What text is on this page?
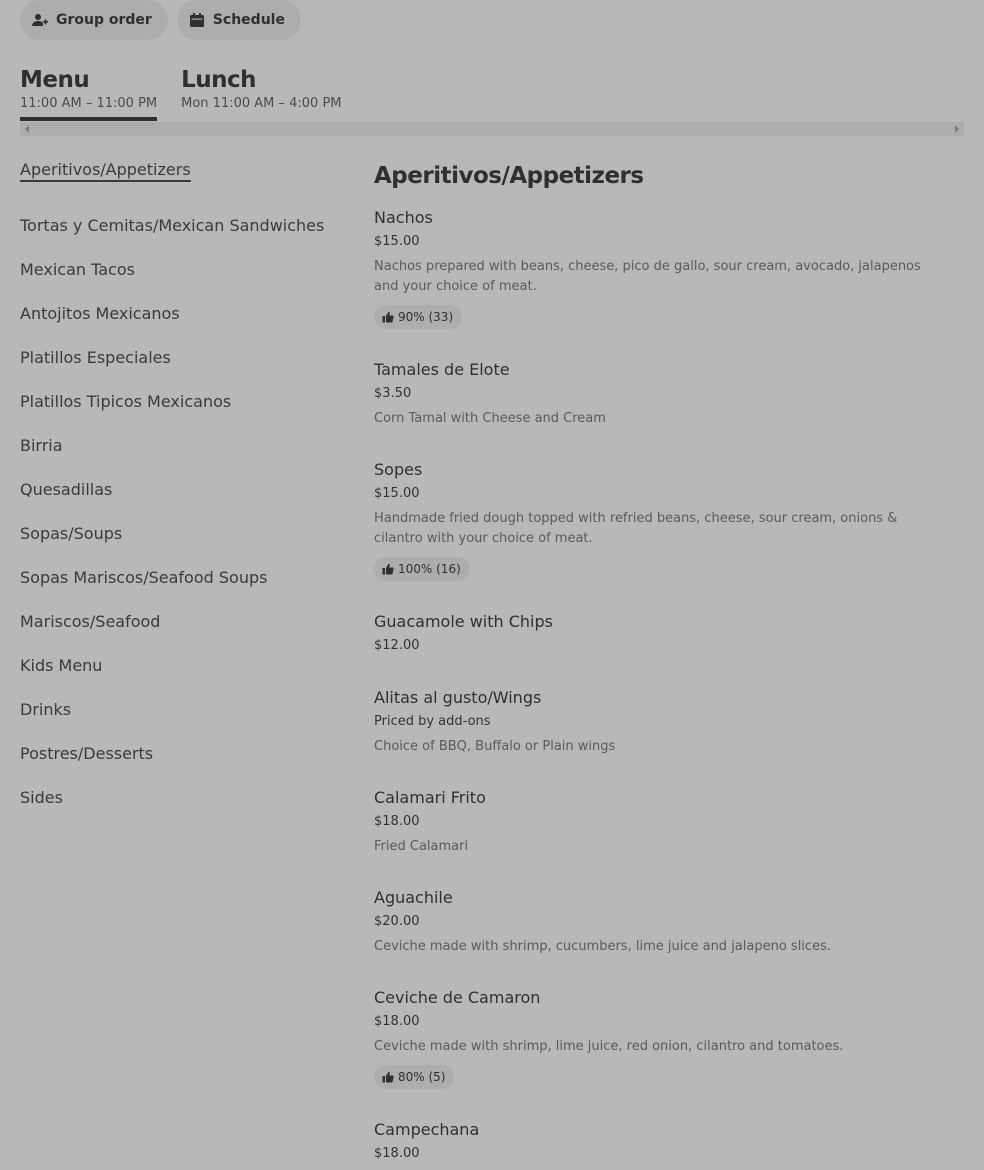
Group order	Schedule
Menu
11:00 AM – 11:00 PM
Lunch
Mon 11:00 AM – 4:00 PM
Aperitivos/Appetizers
Tortas y Cemitas/Mexican Sandwiches
Mexican Tacos
Antojitos Mexicanos
Platillos Especiales
Platillos Tipicos Mexicanos
Birria
Quesadillas
Sopas/Soups
Sopas Mariscos/Seafood Soups
Mariscos/Seafood
Kids Menu
Drinks
Postres/Desserts
Sides
Aperitivos/Appetizers
Nachos
$15.00
Nachos prepared with beans, cheese, pico de gallo, sour cream, avocado, jalapenos and your choice of meat.
90% (33)
Tamales de Elote
$3.50
Corn Tamal with Cheese and Cream
Sopes
$15.00
Handmade fried dough topped with refried beans, cheese, sour cream, onions & cilantro with your choice of meat.
100% (16)
Guacamole with Chips
$12.00
Alitas al gusto/Wings
Priced by add-ons
Choice of BBQ, Buffalo or Plain wings
Calamari Frito
$18.00
Fried Calamari
Aguachile
$20.00
Ceviche made with shrimp, cucumbers, lime juice and jalapeno slices.
Ceviche de Camaron
$18.00
Ceviche made with shrimp, lime juice, red onion, cilantro and tomatoes.
80% (5)
Campechana
$18.00
